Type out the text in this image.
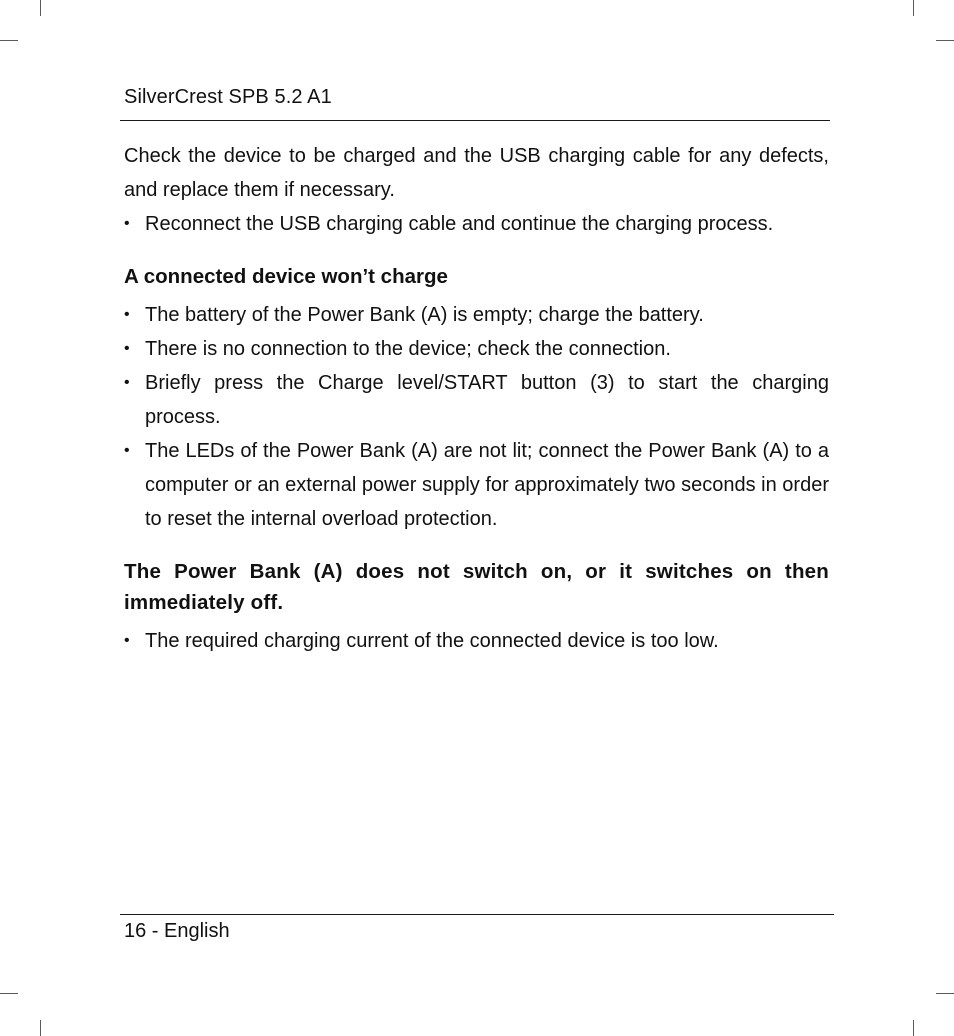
SilverCrest SPB 5.2 A1

Check the device to be charged and the USB charging cable for any defects, and replace them if necessary.

• Reconnect the USB charging cable and continue the charging process.
A connected device won’t charge
• The battery of the Power Bank (A) is empty; charge the battery.
• There is no connection to the device; check the connection.
• Briefly press the Charge level/START button (3) to start the charging process.
• The LEDs of the Power Bank (A) are not lit; connect the Power Bank (A) to a computer or an external power supply for approximately two seconds in order to reset the internal overload protection.
The Power Bank (A) does not switch on, or it switches on then immediately off.
• The required charging current of the connected device is too low.
16 - English
